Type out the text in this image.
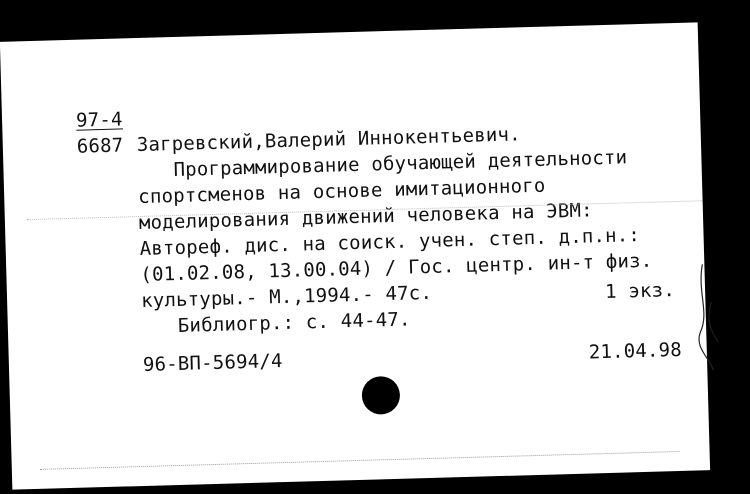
97-4
6687 Загревский,Валерий Иннокентьевич.
Программирование обучающей деятельности
спортсменов на основе имитационного
моделирования движений человека на ЭВМ:
Автореф. дис. на соиск. учен. степ. д.п.н.:
(01.02.08, 13.00.04) / Гос. центр. ин-т физ.
культуры.- М.,1994.- 47с.	1 экз.
Библиогр.: с. 44-47.
96-ВП-5694/4	21.04.98
